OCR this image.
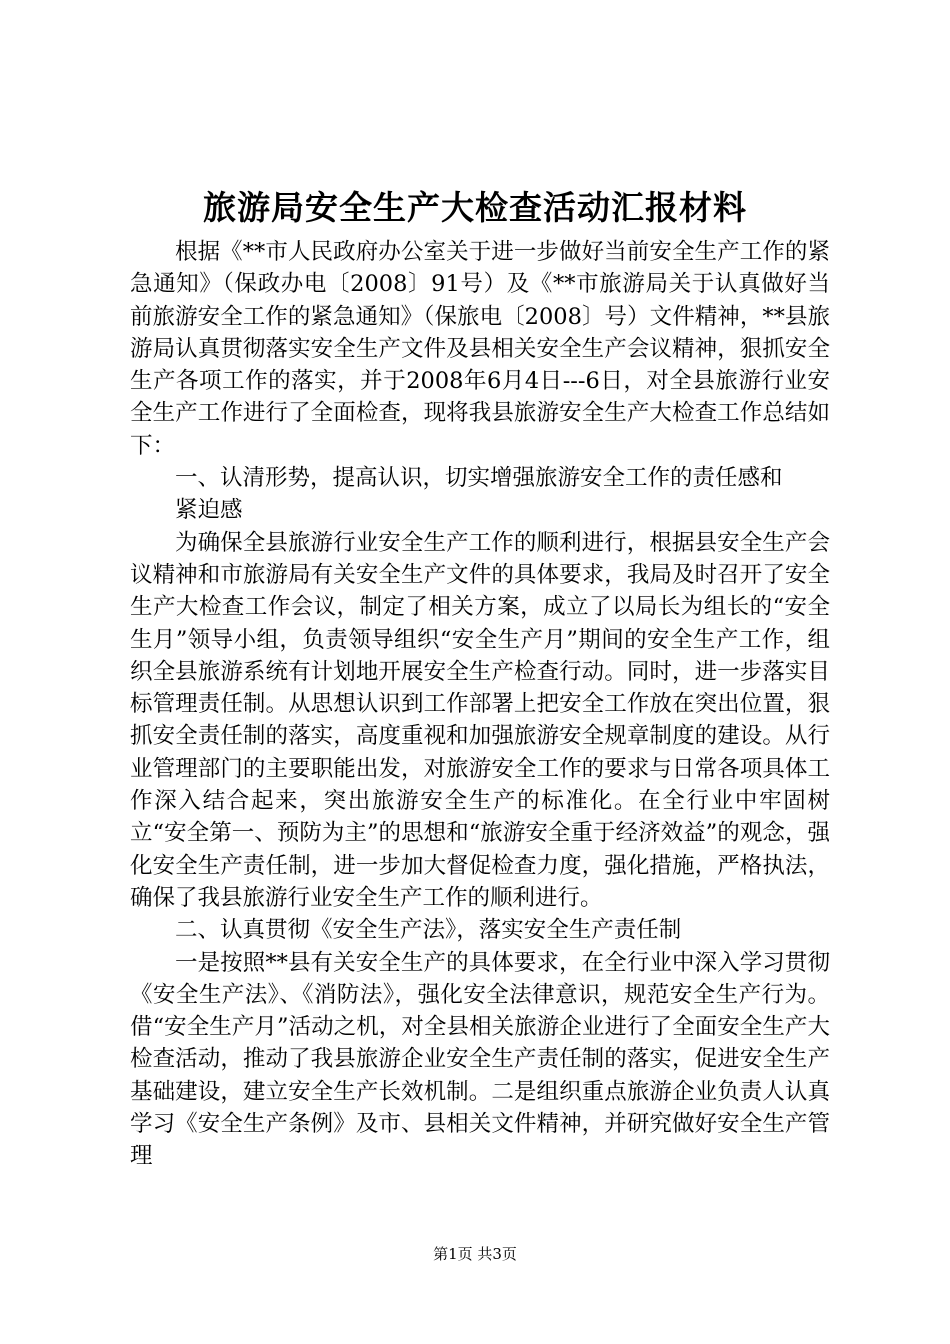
旅游局安全生产大检查活动汇报材料

根据《**市人民政府办公室关于进一步做好当前安全生产工作的紧急通知》（保政办电〔2008〕91号）及《**市旅游局关于认真做好当前旅游安全工作的紧急通知》（保旅电〔2008〕号）文件精神，**县旅游局认真贯彻落实安全生产文件及县相关安全生产会议精神，狠抓安全生产各项工作的落实，并于2008年6月4日---6日，对全县旅游行业安全生产工作进行了全面检查，现将我县旅游安全生产大检查工作总结如下：

一、认清形势，提高认识，切实增强旅游安全工作的责任感和紧迫感

为确保全县旅游行业安全生产工作的顺利进行，根据县安全生产会议精神和市旅游局有关安全生产文件的具体要求，我局及时召开了安全生产大检查工作会议，制定了相关方案，成立了以局长为组长的“安全生月”领导小组，负责领导组织“安全生产月”期间的安全生产工作，组织全县旅游系统有计划地开展安全生产检查行动。同时，进一步落实目标管理责任制。从思想认识到工作部署上把安全工作放在突出位置，狠抓安全责任制的落实，高度重视和加强旅游安全规章制度的建设。从行业管理部门的主要职能出发，对旅游安全工作的要求与日常各项具体工作深入结合起来，突出旅游安全生产的标准化。在全行业中牢固树立“安全第一、预防为主”的思想和“旅游安全重于经济效益”的观念，强化安全生产责任制，进一步加大督促检查力度，强化措施，严格执法，确保了我县旅游行业安全生产工作的顺利进行。

二、认真贯彻《安全生产法》，落实安全生产责任制

一是按照**县有关安全生产的具体要求，在全行业中深入学习贯彻《安全生产法》、《消防法》，强化安全法律意识，规范安全生产行为。借“安全生产月”活动之机，对全县相关旅游企业进行了全面安全生产大检查活动，推动了我县旅游企业安全生产责任制的落实，促进安全生产基础建设，建立安全生产长效机制。二是组织重点旅游企业负责人认真学习《安全生产条例》及市、县相关文件精神，并研究做好安全生产管理

第1页 共3页
